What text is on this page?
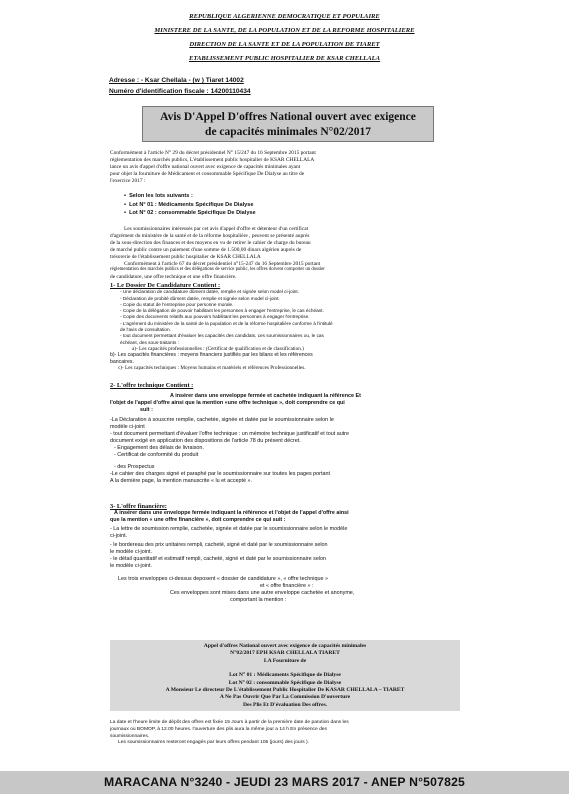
REPUBLIQUE ALGERIENNE DEMOCRATIQUE ET POPULAIRE
MINISTERE DE LA SANTE, DE LA POPULATION ET DE LA REFORME HOSPITALIERE
DIRECTION DE LA SANTE ET DE LA POPULATION DE TIARET
ETABLISSEMENT PUBLIC HOSPITALIER DE KSAR CHELLALA
Adresse : - Ksar Chellala - (w ) Tiaret 14002
Numéro d'identification fiscale : 14200110434
Avis D'Appel D'offres National ouvert avec exigence
de capacités minimales N°02/2017
Conformément à l'article N° 29 du décret présidentiel N° 15/247 du 16 Septembre 2015 portant
réglementation des marchés publics, L'établissement public hospitalier de KSAR CHELLALA
lance un avis d'appel d'offre national ouvert avec exigence de capacités minimales ayant
pour objet la fourniture de Médicament et consommable Spécifique De Dialyse au titre de
l'exercice 2017 :
•  Selon les lots suivants :
•  Lot N° 01 : Médicaments Spécifique De Dialyse
•  Lot N° 02 : consommable Spécifique De Dialyse
Les soumissionnaires intéressés par cet avis d'appel d'offre et détenteur d'un certificat
d'agrément du ministère de la santé et de la réforme hospitalière , peuvent se présenté auprès
de la sous-direction des finances et des moyens en vu de retirer le cahier de charge du bureau
de marché public contre un paiement d'une somme de 1.500,00 dinars algérien auprès de
trésorerie de l'établissement public hospitalier de KSAR CHELLALA
Conformément à l'article 67 du décret présidentiel n°15-247 du 16 Septembre 2015 portant
réglementation des marchés publics et des délégations de service public, les offres doivent comporter un dossier
de candidature, une offre technique et une offre financière.
1- Le Dossier De Candidature Contient :
- Une déclaration de candidature dûment datée, remplie et signée selon model ci-joint.
- Déclaration de probité dûment datée, remplie et signée selon model ci-joint.
- Copie du statut de l'entreprise pour personne morale.
- Copie de la délégation de pouvoir habilitant les personnes à engager l'entreprise, le cas échéant.
- Copie des documents relatifs aux pouvoirs habilitant les personnes à engager l'entreprise.
- L'agrément du ministère de la santé de la population et de la réforme hospitalière conforme à l'intitulé
de l'avis de consultation.
- tout document permettant d'évaluer les capacités des candidats, ces soumissionnaires ou, le cas
échéant, des sous-traitants :
a)- Les capacités professionnelles : (Certificat de qualification et de classification.)
b)- Les capacités financières : moyens financiers justifiés par les bilans et les références
bancaires.
c)- Les capacités techniques : Moyens humains et matériels et références Professionnelles.
2- L'offre technique Contient :
A insérer dans une enveloppe fermée et cachetée indiquant la référence Et
l'objet de l'appel d'offre ainsi que la mention «une offre technique », doit comprendre ce qui
suit :
-La Déclaration à souscrire remplie, cachetée, signée et datée par le soumissionnaire selon le
modèle ci-joint
- tout document permettant d'évaluer l'offre technique : un mémoire technique justificatif et tout autre
document exigé en application des dispositions de l'article 78 du présent décret.
- Engagement des délais de livraison.
- Certificat de conformité du produit
- des Prospectus
-Le cahier des charges signé et paraphé par le soumissionnaire sur toutes les pages portant
A la dernière page, la mention manuscrite « lu et accepté ».
3- L'offre financière:
A insérer dans une enveloppe fermée indiquant la référence et l'objet de l'appel d'offre ainsi
que la mention « une offre financière », doit comprendre ce qui suit :
- La lettre de soumission remplie, cachetée, signée et datée par le soumissionnaire selon le modèle
ci-joint.
- le bordereau des prix unitaires rempli, cacheté, signé et daté par le soumissionnaire selon
le modèle ci-joint.
- le détail quantitatif et estimatif rempli, cacheté, signé et daté par le soumissionnaire selon
le modèle ci-joint.
Les trois enveloppes ci-dessus deposent « dossier de candidature », « offre technique »
et « offre financière » :
Ces enveloppes sont mises dans une autre enveloppe cachetée et anonyme,
comportant la mention :
Appel d'offres National ouvert avec exigence de capacités minimales
N°02/2017 EPH KSAR CHELLALA TIARET
LA Fourniture de
Lot N° 01 : Médicaments Spécifique de Dialyse
Lot N° 02 : consommable Spécifique de Dialyse
A Monsieur Le directeur De L'établissement Public Hospitalier De KASAR CHELLALA – TIARET
A Ne Pas Ouvrir Que Par La Commission D'ouverture
Des Plis Et D'évaluation Des offres.
La date et l'heure limite de dépôt des offres est fixée 15 Jours à partir de la première date de parution dans les
journaux ou BOMOP, à 12.00 heures. l'ouverture des plis aura la même jour a 14 h En présence des
soumissionnaires.
Les soumissionnaires resteront engagés par leurs offres pendant 105 (jours) des jours ).
MARACANA N°3240 - JEUDI 23 MARS 2017 - ANEP N°507825
